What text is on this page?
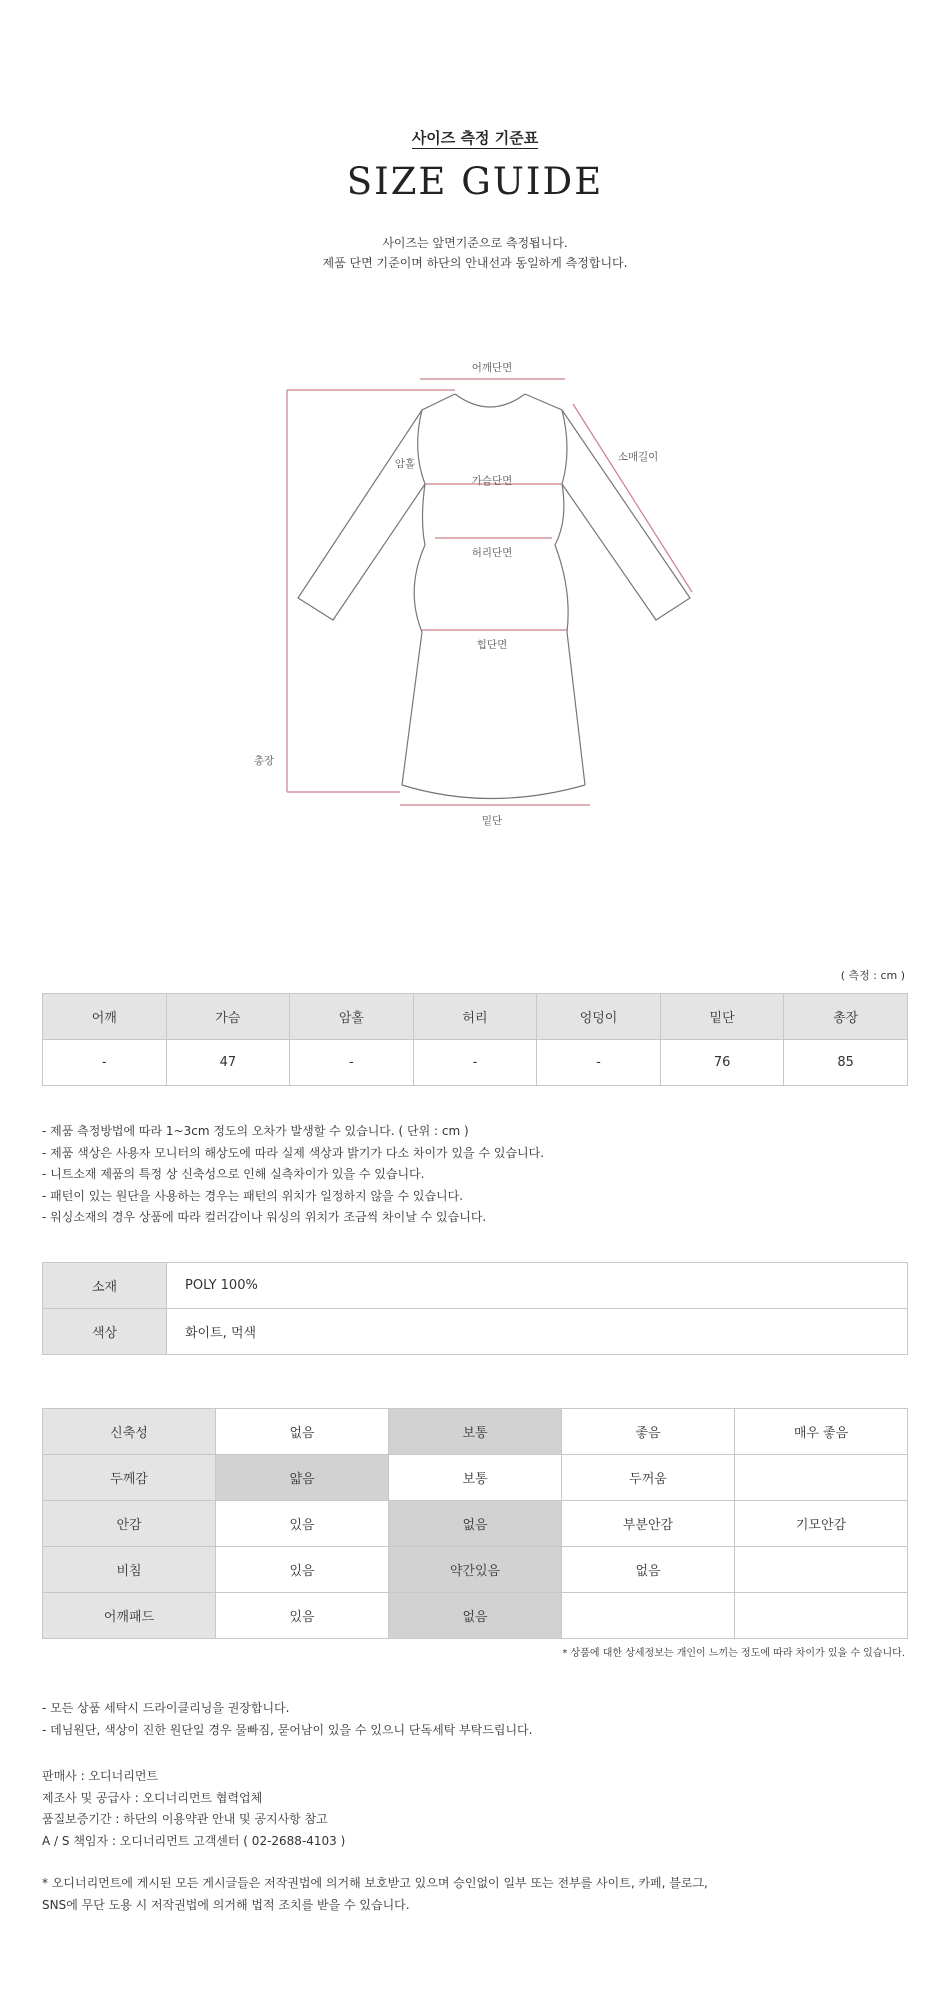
사이즈 측정 기준표
SIZE GUIDE
사이즈는 앞면기준으로 측정됩니다.
제품 단면 기준이며 하단의 안내선과 동일하게 측정합니다.
어깨단면
소매길이
암홀
가슴단면
허리단면
힙단면
총장
밑단
( 측정 : cm )
어깨	가슴	암홀	허리	엉덩이	밑단	총장
-	47	-	-	-	76	85
- 제품 측정방법에 따라 1~3cm 정도의 오차가 발생할 수 있습니다. ( 단위 : cm )
- 제품 색상은 사용자 모니터의 해상도에 따라 실제 색상과 밝기가 다소 차이가 있을 수 있습니다.
- 니트소재 제품의 특정 상 신축성으로 인해 실측차이가 있을 수 있습니다.
- 패턴이 있는 원단을 사용하는 경우는 패턴의 위치가 일정하지 않을 수 있습니다.
- 워싱소재의 경우 상품에 따라 컬러감이나 워싱의 위치가 조금씩 차이날 수 있습니다.
소재	POLY 100%
색상	화이트, 먹색
신축성	없음	보통	좋음	매우 좋음
두께감	얇음	보통	두꺼움	
안감	있음	없음	부분안감	기모안감
비침	있음	약간있음	없음	
어깨패드	있음	없음		
* 상품에 대한 상세정보는 개인이 느끼는 정도에 따라 차이가 있을 수 있습니다.
- 모든 상품 세탁시 드라이클리닝을 권장합니다.
- 데님원단, 색상이 진한 원단일 경우 물빠짐, 묻어남이 있을 수 있으니 단독세탁 부탁드립니다.
판매사 : 오디너리먼트
제조사 및 공급사 : 오디너리먼트 협력업체
품질보증기간 : 하단의 이용약관 안내 및 공지사항 참고
A / S 책임자 : 오디너리먼트 고객센터 ( 02-2688-4103 )
* 오디너리먼트에 게시된 모든 게시글들은 저작권법에 의거해 보호받고 있으며 승인없이 일부 또는 전부를 사이트, 카페, 블로그,
SNS에 무단 도용 시 저작권법에 의거해 법적 조치를 받을 수 있습니다.
